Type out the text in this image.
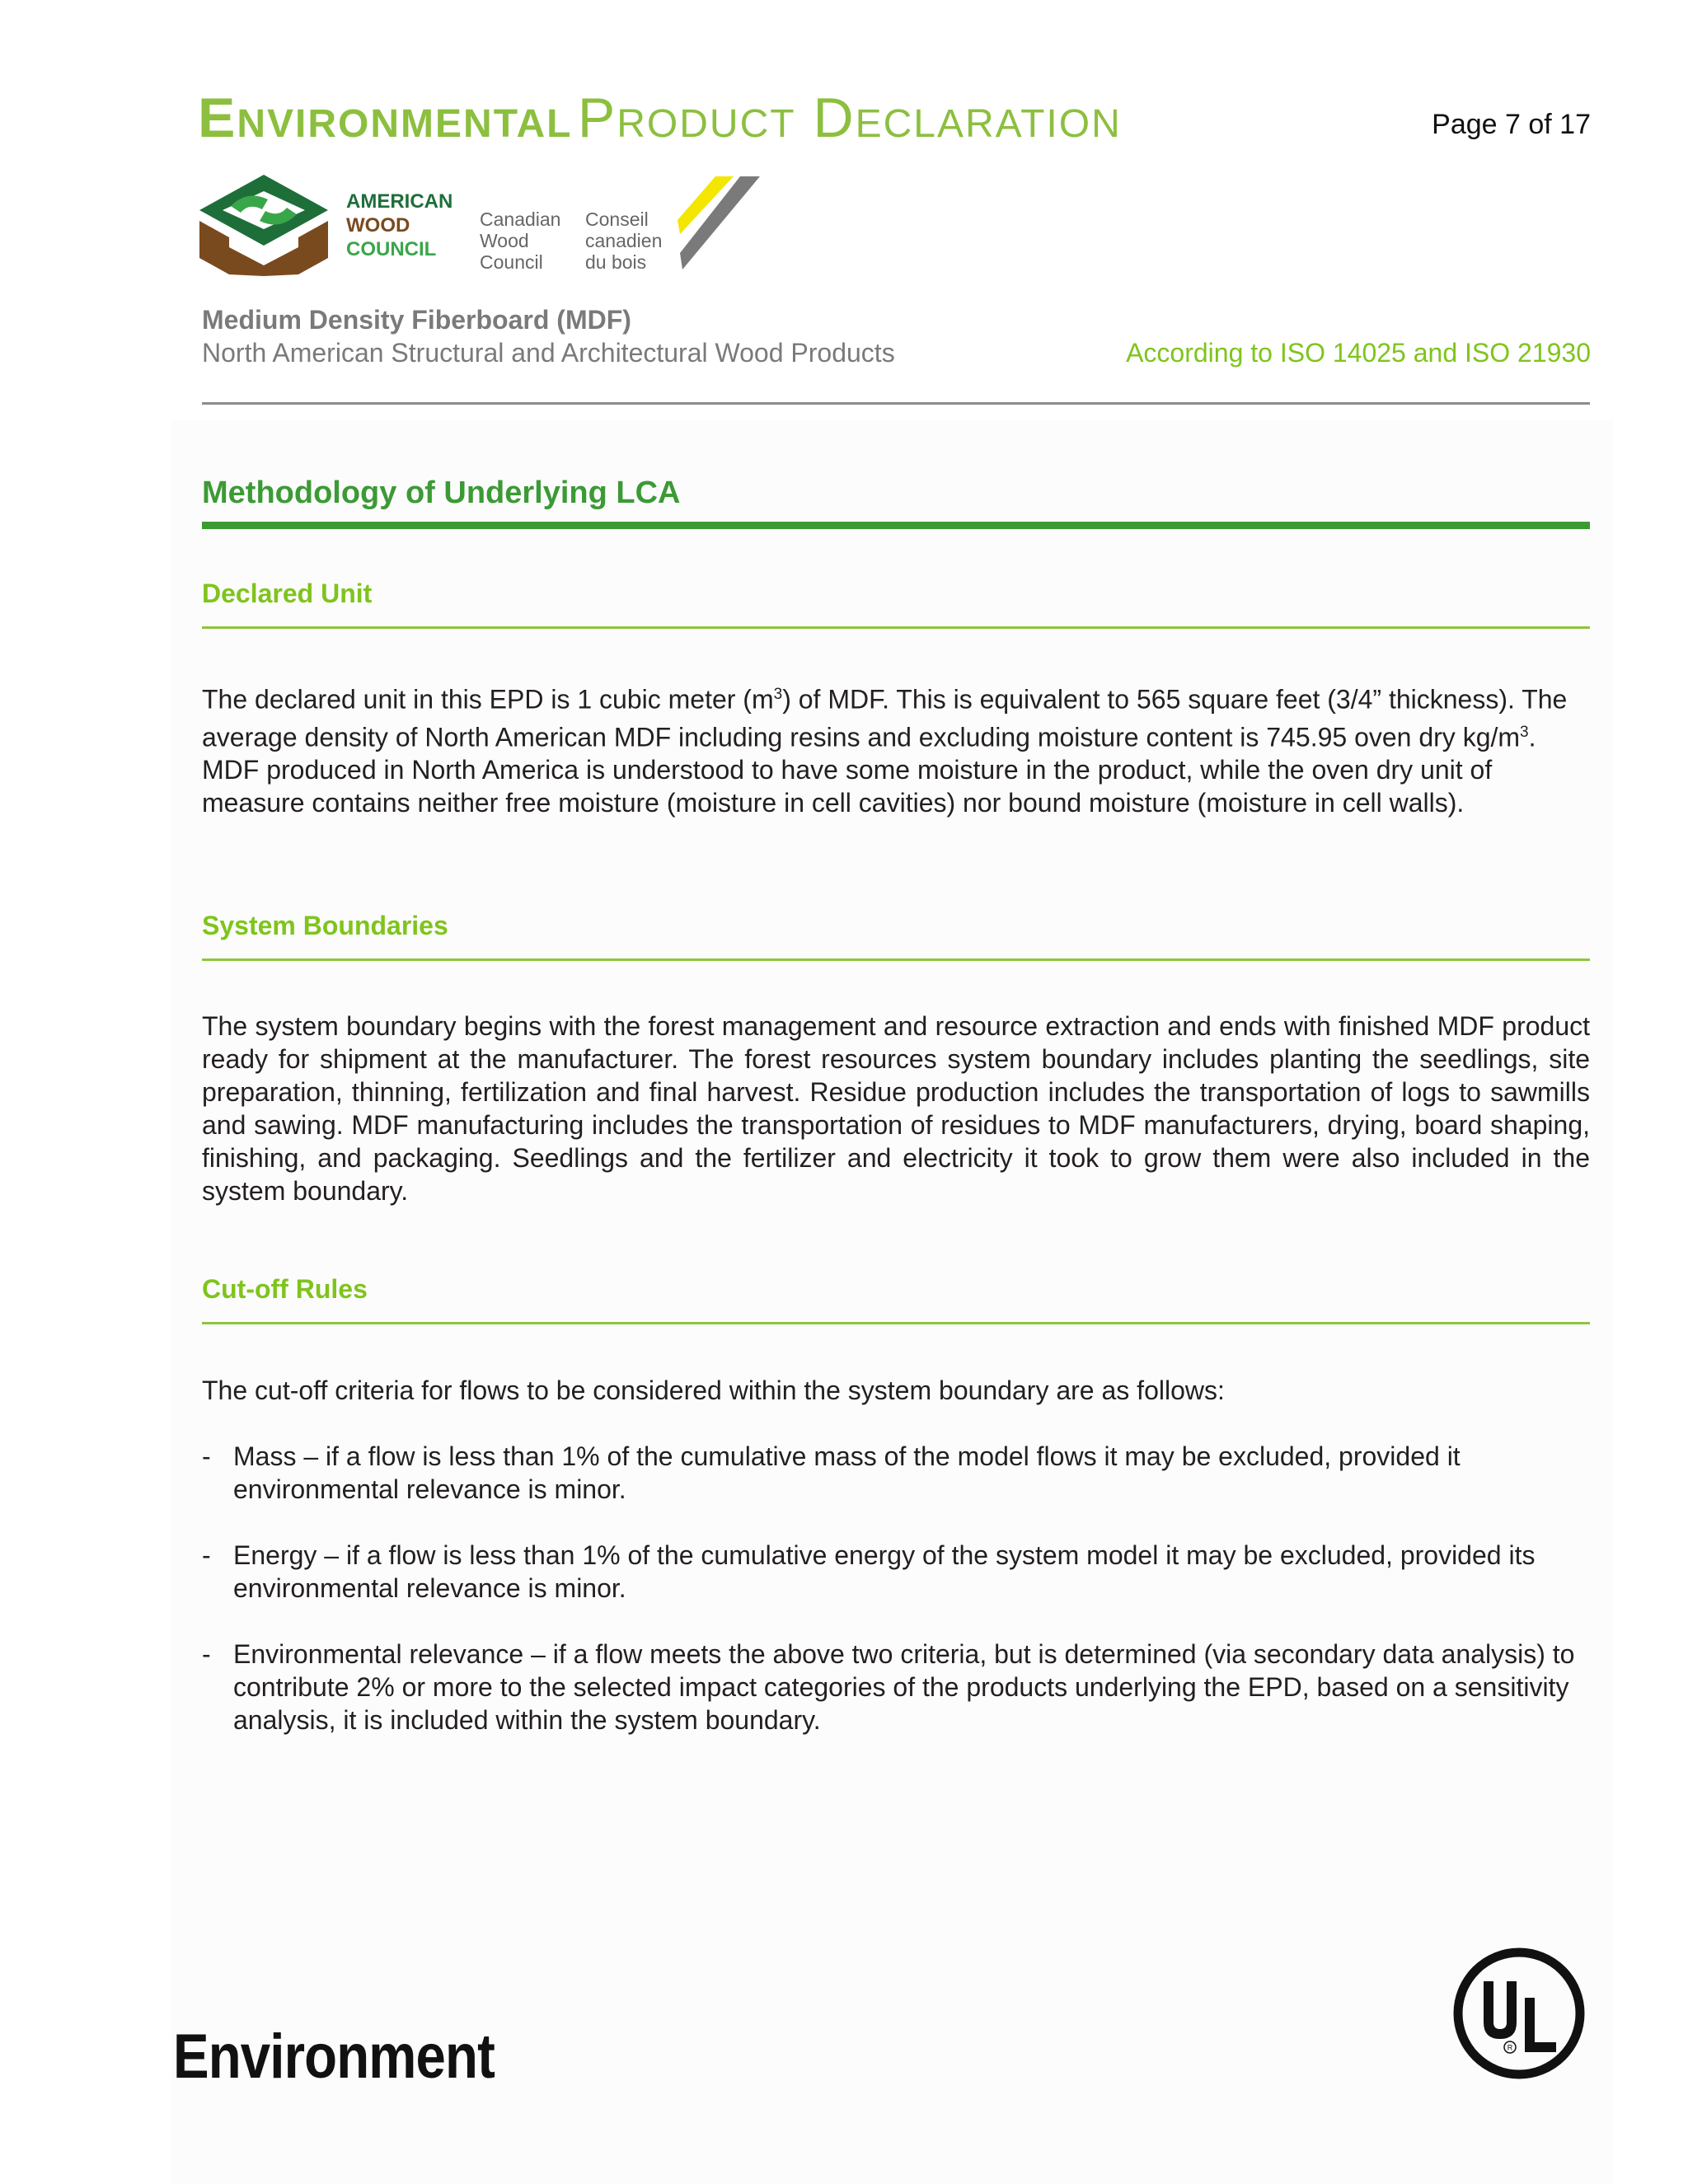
Environmental Product Declaration	Page 7 of 17
AMERICAN
WOOD
COUNCIL
Canadian
Wood
Council
Conseil
canadien
du bois
Medium Density Fiberboard (MDF)
North American Structural and Architectural Wood Products	According to ISO 14025 and ISO 21930
Methodology of Underlying LCA
Declared Unit
The declared unit in this EPD is 1 cubic meter $(m^3)$ of MDF. This is equivalent to 565 square feet (3/4” thickness). The average density of North American MDF including resins and excluding moisture content is 745.95 oven dry $kg/m^3$. MDF produced in North America is understood to have some moisture in the product, while the oven dry unit of measure contains neither free moisture (moisture in cell cavities) nor bound moisture (moisture in cell walls).
System Boundaries
The system boundary begins with the forest management and resource extraction and ends with finished MDF product ready for shipment at the manufacturer. The forest resources system boundary includes planting the seedlings, site preparation, thinning, fertilization and final harvest. Residue production includes the transportation of logs to sawmills and sawing. MDF manufacturing includes the transportation of residues to MDF manufacturers, drying, board shaping, finishing, and packaging. Seedlings and the fertilizer and electricity it took to grow them were also included in the system boundary.
Cut-off Rules
The cut-off criteria for flows to be considered within the system boundary are as follows:
- Mass – if a flow is less than 1% of the cumulative mass of the model flows it may be excluded, provided it environmental relevance is minor.
- Energy – if a flow is less than 1% of the cumulative energy of the system model it may be excluded, provided its environmental relevance is minor.
- Environmental relevance – if a flow meets the above two criteria, but is determined (via secondary data analysis) to contribute 2% or more to the selected impact categories of the products underlying the EPD, based on a sensitivity analysis, it is included within the system boundary.
Environment	R
